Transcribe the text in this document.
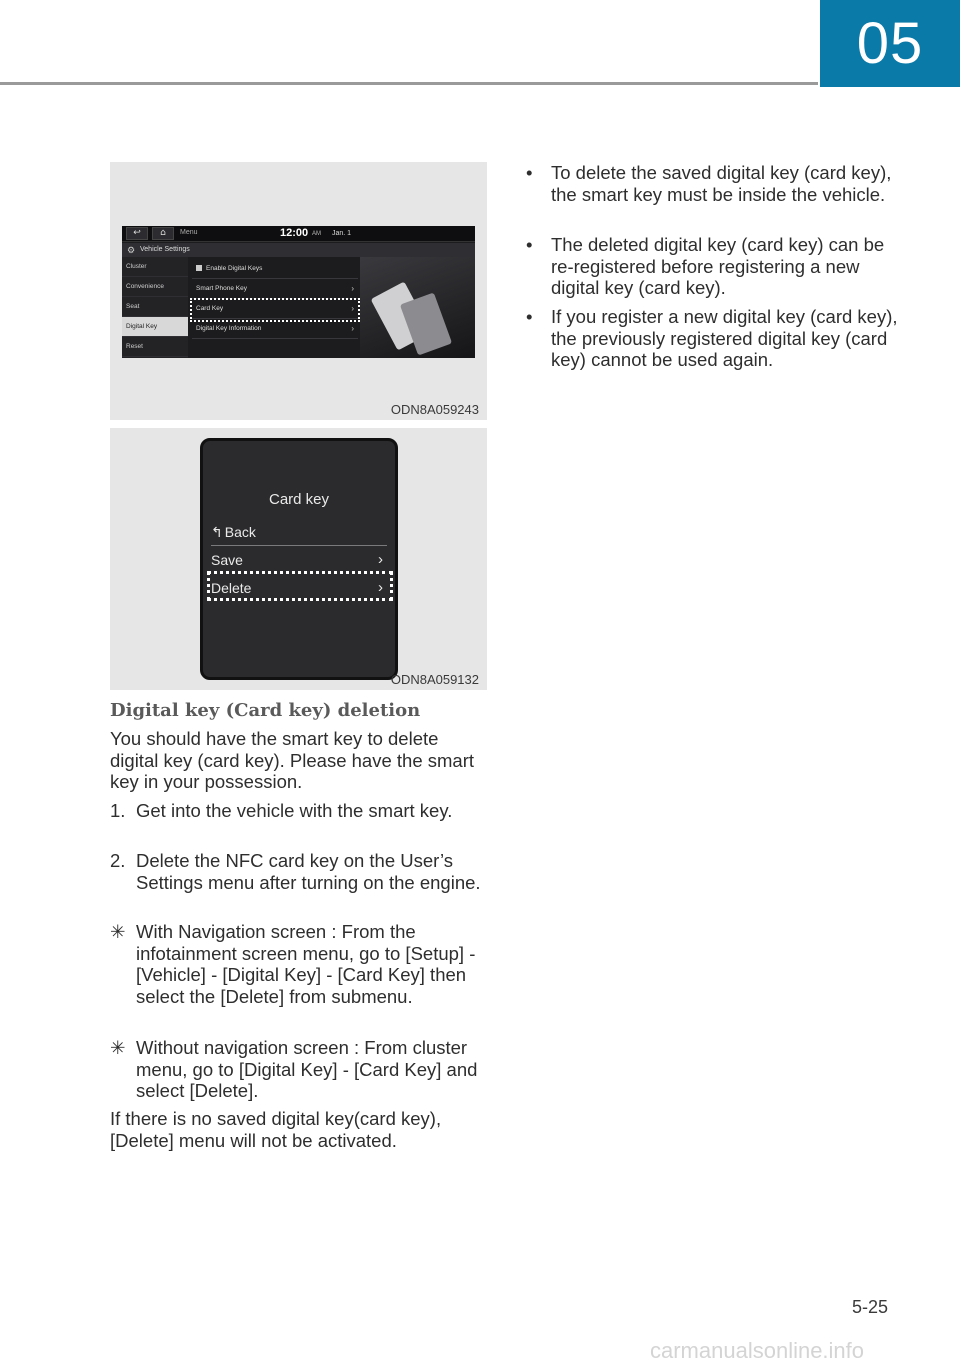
05
↩	⌂	Menu	12:00 AM Jan. 1
⚙ Vehicle Settings
Cluster
Convenience
Seat
Digital Key
Reset
Enable Digital Keys
Smart Phone Key	›
Card Key	›
Digital Key Information	›
ODN8A059243
Card key
↰ Back
Save	›
Delete	›
ODN8A059132
Digital key (Card key) deletion
You should have the smart key to delete digital key (card key). Please have the smart key in your possession.
1. Get into the vehicle with the smart key.
2. Delete the NFC card key on the User’s Settings menu after turning on the engine.
✳ With Navigation screen : From the infotainment screen menu, go to [Setup] - [Vehicle] - [Digital Key] - [Card Key] then select the [Delete] from submenu.
✳ Without navigation screen : From cluster menu, go to [Digital Key] - [Card Key] and select [Delete].
If there is no saved digital key(card key), [Delete] menu will not be activated.
• To delete the saved digital key (card key), the smart key must be inside the vehicle.
• The deleted digital key (card key) can be re-registered before registering a new digital key (card key).
• If you register a new digital key (card key), the previously registered digital key (card key) cannot be used again.
5-25
carmanualsonline.info
